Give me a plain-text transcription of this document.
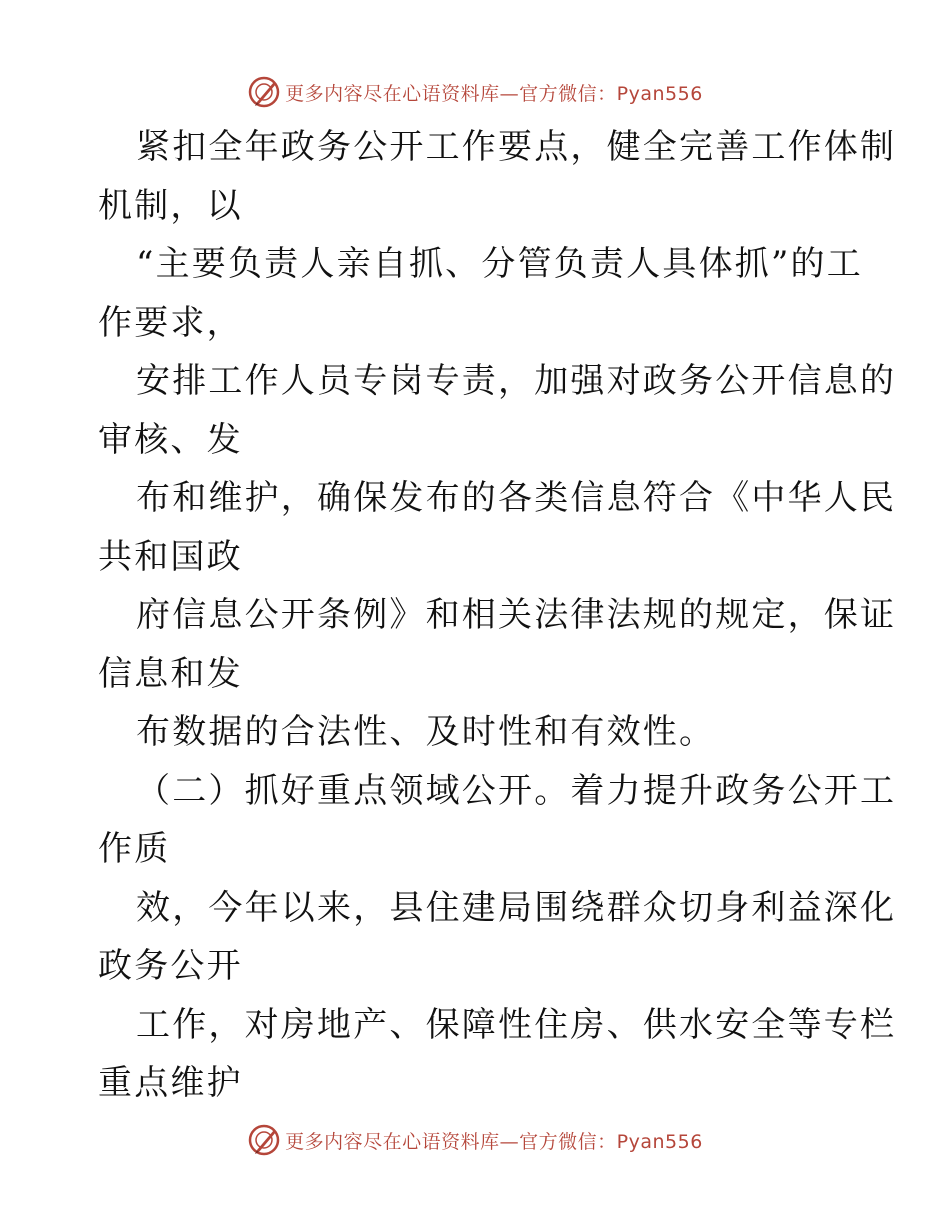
更多内容尽在心语资料库—官方微信：Pyan556
紧扣全年政务公开工作要点，健全完善工作体制
机制，以
“主要负责人亲自抓、分管负责人具体抓”的工
作要求，
安排工作人员专岗专责，加强对政务公开信息的
审核、发
布和维护，确保发布的各类信息符合《中华人民
共和国政
府信息公开条例》和相关法律法规的规定，保证
信息和发
布数据的合法性、及时性和有效性。
（二）抓好重点领域公开。着力提升政务公开工
作质
效，今年以来，县住建局围绕群众切身利益深化
政务公开
工作，对房地产、保障性住房、供水安全等专栏
重点维护
更多内容尽在心语资料库—官方微信：Pyan556
